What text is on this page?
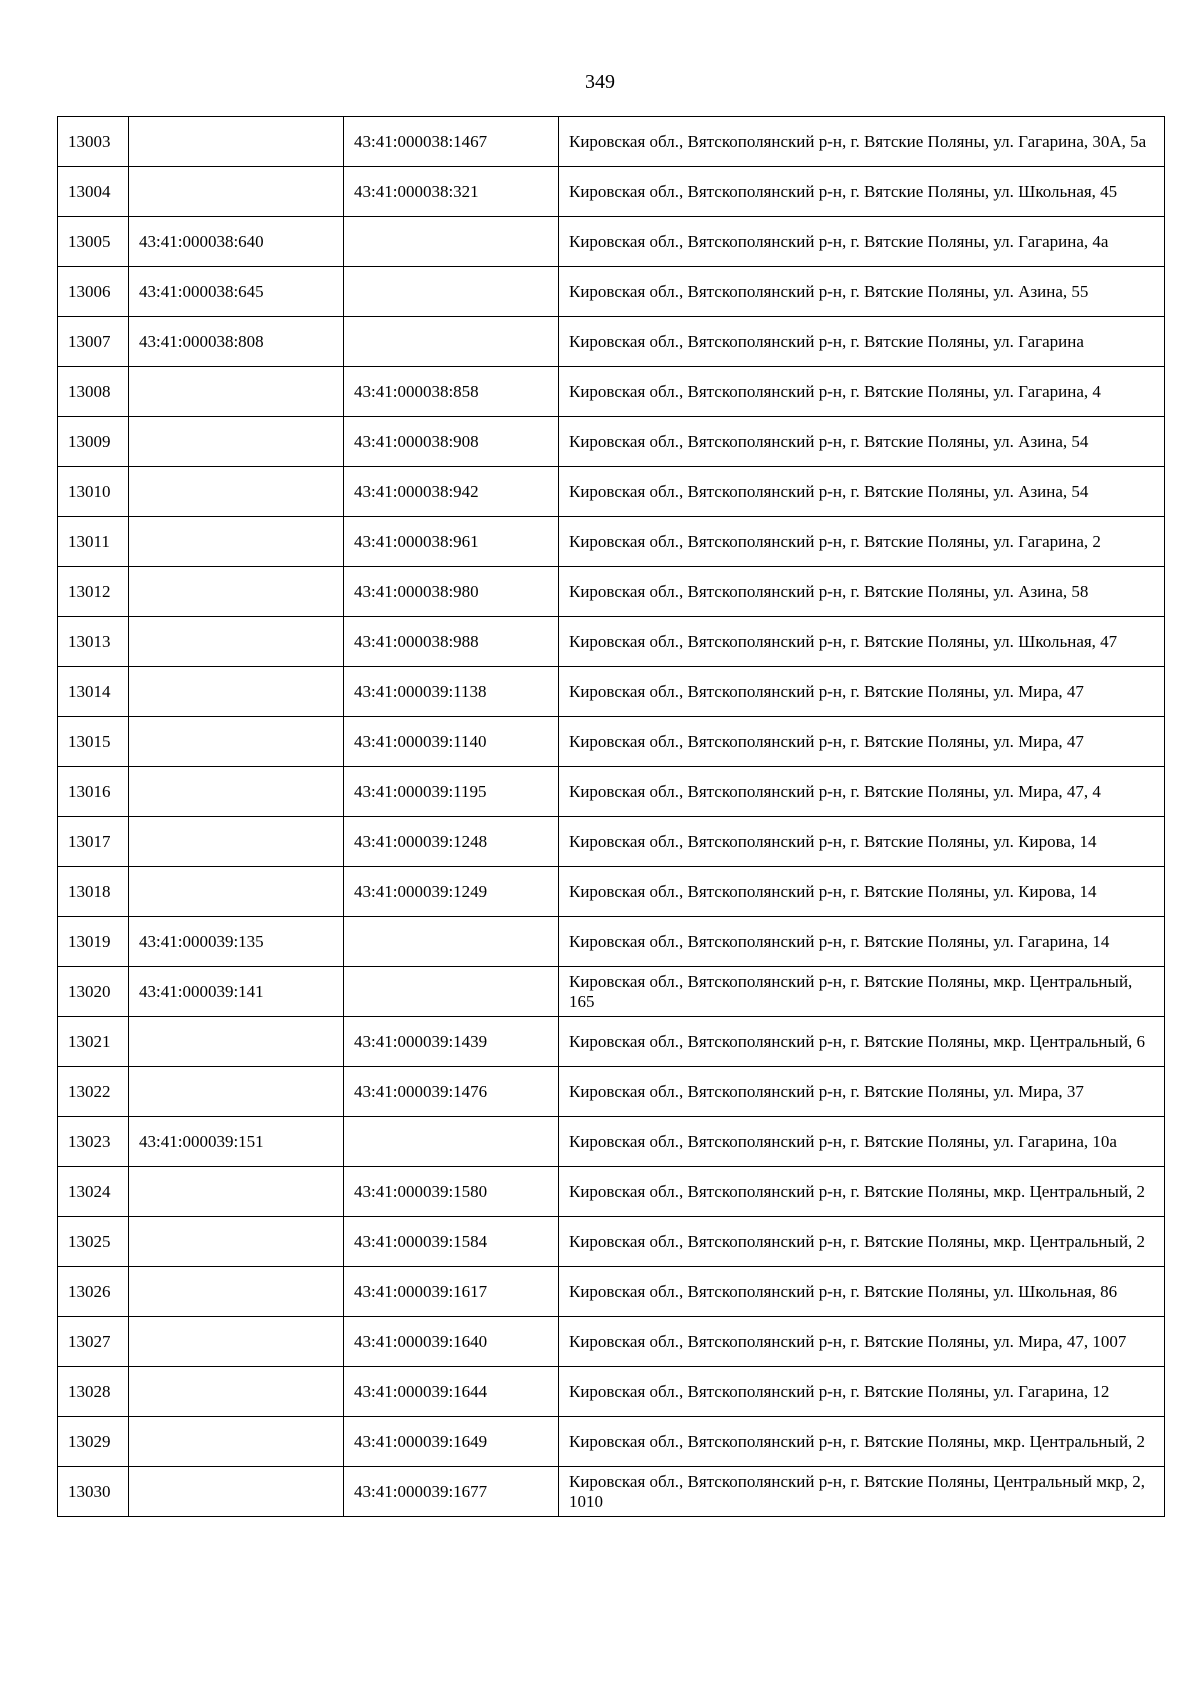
349
13003		43:41:000038:1467	Кировская обл., Вятскополянский р-н, г. Вятские Поляны, ул. Гагарина, 30А, 5а
13004		43:41:000038:321	Кировская обл., Вятскополянский р-н, г. Вятские Поляны, ул. Школьная, 45
13005	43:41:000038:640		Кировская обл., Вятскополянский р-н, г. Вятские Поляны, ул. Гагарина, 4а
13006	43:41:000038:645		Кировская обл., Вятскополянский р-н, г. Вятские Поляны, ул. Азина, 55
13007	43:41:000038:808		Кировская обл., Вятскополянский р-н, г. Вятские Поляны, ул. Гагарина
13008		43:41:000038:858	Кировская обл., Вятскополянский р-н, г. Вятские Поляны, ул. Гагарина, 4
13009		43:41:000038:908	Кировская обл., Вятскополянский р-н, г. Вятские Поляны, ул. Азина, 54
13010		43:41:000038:942	Кировская обл., Вятскополянский р-н, г. Вятские Поляны, ул. Азина, 54
13011		43:41:000038:961	Кировская обл., Вятскополянский р-н, г. Вятские Поляны, ул. Гагарина, 2
13012		43:41:000038:980	Кировская обл., Вятскополянский р-н, г. Вятские Поляны, ул. Азина, 58
13013		43:41:000038:988	Кировская обл., Вятскополянский р-н, г. Вятские Поляны, ул. Школьная, 47
13014		43:41:000039:1138	Кировская обл., Вятскополянский р-н, г. Вятские Поляны, ул. Мира, 47
13015		43:41:000039:1140	Кировская обл., Вятскополянский р-н, г. Вятские Поляны, ул. Мира, 47
13016		43:41:000039:1195	Кировская обл., Вятскополянский р-н, г. Вятские Поляны, ул. Мира, 47, 4
13017		43:41:000039:1248	Кировская обл., Вятскополянский р-н, г. Вятские Поляны, ул. Кирова, 14
13018		43:41:000039:1249	Кировская обл., Вятскополянский р-н, г. Вятские Поляны, ул. Кирова, 14
13019	43:41:000039:135		Кировская обл., Вятскополянский р-н, г. Вятские Поляны, ул. Гагарина, 14
13020	43:41:000039:141		Кировская обл., Вятскополянский р-н, г. Вятские Поляны, мкр. Центральный, 165
13021		43:41:000039:1439	Кировская обл., Вятскополянский р-н, г. Вятские Поляны, мкр. Центральный, 6
13022		43:41:000039:1476	Кировская обл., Вятскополянский р-н, г. Вятские Поляны, ул. Мира, 37
13023	43:41:000039:151		Кировская обл., Вятскополянский р-н, г. Вятские Поляны, ул. Гагарина, 10а
13024		43:41:000039:1580	Кировская обл., Вятскополянский р-н, г. Вятские Поляны, мкр. Центральный, 2
13025		43:41:000039:1584	Кировская обл., Вятскополянский р-н, г. Вятские Поляны, мкр. Центральный, 2
13026		43:41:000039:1617	Кировская обл., Вятскополянский р-н, г. Вятские Поляны, ул. Школьная, 86
13027		43:41:000039:1640	Кировская обл., Вятскополянский р-н, г. Вятские Поляны, ул. Мира, 47, 1007
13028		43:41:000039:1644	Кировская обл., Вятскополянский р-н, г. Вятские Поляны, ул. Гагарина, 12
13029		43:41:000039:1649	Кировская обл., Вятскополянский р-н, г. Вятские Поляны, мкр. Центральный, 2
13030		43:41:000039:1677	Кировская обл., Вятскополянский р-н, г. Вятские Поляны, Центральный мкр, 2, 1010
